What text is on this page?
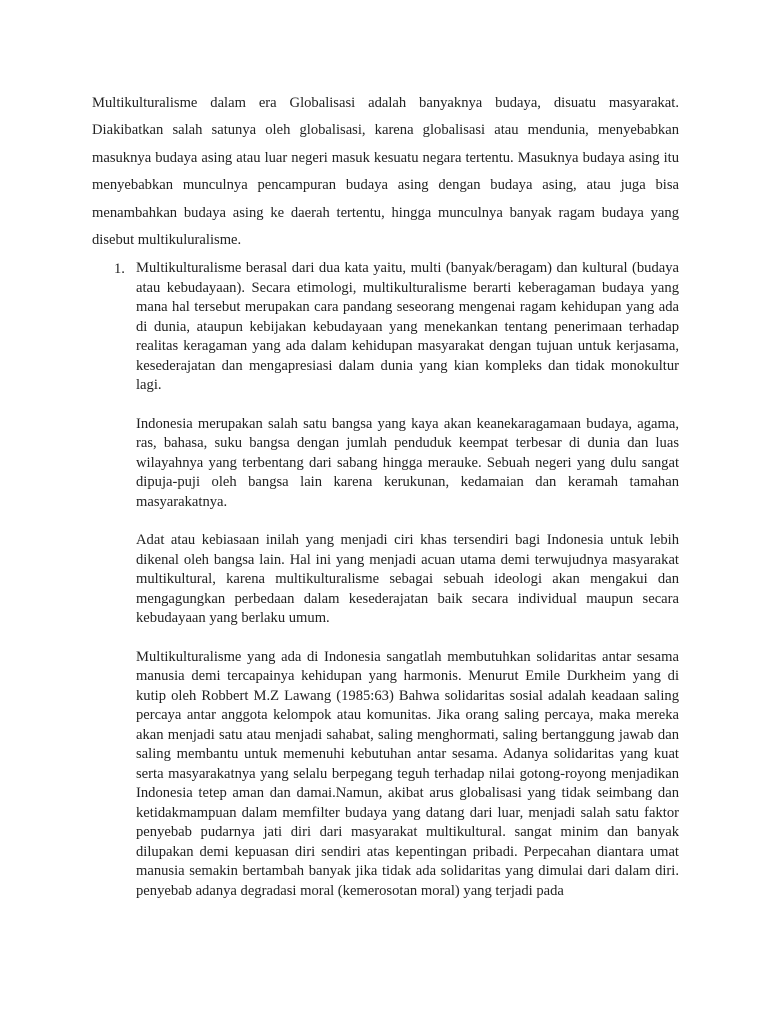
Multikulturalisme dalam era Globalisasi adalah banyaknya budaya, disuatu masyarakat. Diakibatkan salah satunya oleh globalisasi, karena globalisasi atau mendunia, menyebabkan masuknya budaya asing atau luar negeri masuk kesuatu negara tertentu. Masuknya budaya asing itu menyebabkan munculnya pencampuran budaya asing dengan budaya asing, atau juga bisa menambahkan budaya asing ke daerah tertentu, hingga munculnya banyak ragam budaya yang disebut multikuluralisme.

1. Multikulturalisme berasal dari dua kata yaitu, multi (banyak/beragam) dan kultural (budaya atau kebudayaan). Secara etimologi, multikulturalisme berarti keberagaman budaya yang mana hal tersebut merupakan cara pandang seseorang mengenai ragam kehidupan yang ada di dunia, ataupun kebijakan kebudayaan yang menekankan tentang penerimaan terhadap realitas keragaman yang ada dalam kehidupan masyarakat dengan tujuan untuk kerjasama, kesederajatan dan mengapresiasi dalam dunia yang kian kompleks dan tidak monokultur lagi.

Indonesia merupakan salah satu bangsa yang kaya akan keanekaragamaan budaya, agama, ras, bahasa, suku bangsa dengan jumlah penduduk keempat terbesar di dunia dan luas wilayahnya yang terbentang dari sabang hingga merauke. Sebuah negeri yang dulu sangat dipuja-puji oleh bangsa lain karena kerukunan, kedamaian dan keramah tamahan masyarakatnya.

Adat atau kebiasaan inilah yang menjadi ciri khas tersendiri bagi Indonesia untuk lebih dikenal oleh bangsa lain. Hal ini yang menjadi acuan utama demi terwujudnya masyarakat multikultural, karena multikulturalisme sebagai sebuah ideologi akan mengakui dan mengagungkan perbedaan dalam kesederajatan baik secara individual maupun secara kebudayaan yang berlaku umum.

Multikulturalisme yang ada di Indonesia sangatlah membutuhkan solidaritas antar sesama manusia demi tercapainya kehidupan yang harmonis. Menurut Emile Durkheim yang di kutip oleh Robbert M.Z Lawang (1985:63) Bahwa solidaritas sosial adalah keadaan saling percaya antar anggota kelompok atau komunitas. Jika orang saling percaya, maka mereka akan menjadi satu atau menjadi sahabat, saling menghormati, saling bertanggung jawab dan saling membantu untuk memenuhi kebutuhan antar sesama. Adanya solidaritas yang kuat serta masyarakatnya yang selalu berpegang teguh terhadap nilai gotong-royong menjadikan Indonesia tetep aman dan damai.Namun, akibat arus globalisasi yang tidak seimbang dan ketidakmampuan dalam memfilter budaya yang datang dari luar, menjadi salah satu faktor penyebab pudarnya jati diri dari masyarakat multikultural. sangat minim dan banyak dilupakan demi kepuasan diri sendiri atas kepentingan pribadi. Perpecahan diantara umat manusia semakin bertambah banyak jika tidak ada solidaritas yang dimulai dari dalam diri. penyebab adanya degradasi moral (kemerosotan moral) yang terjadi pada
